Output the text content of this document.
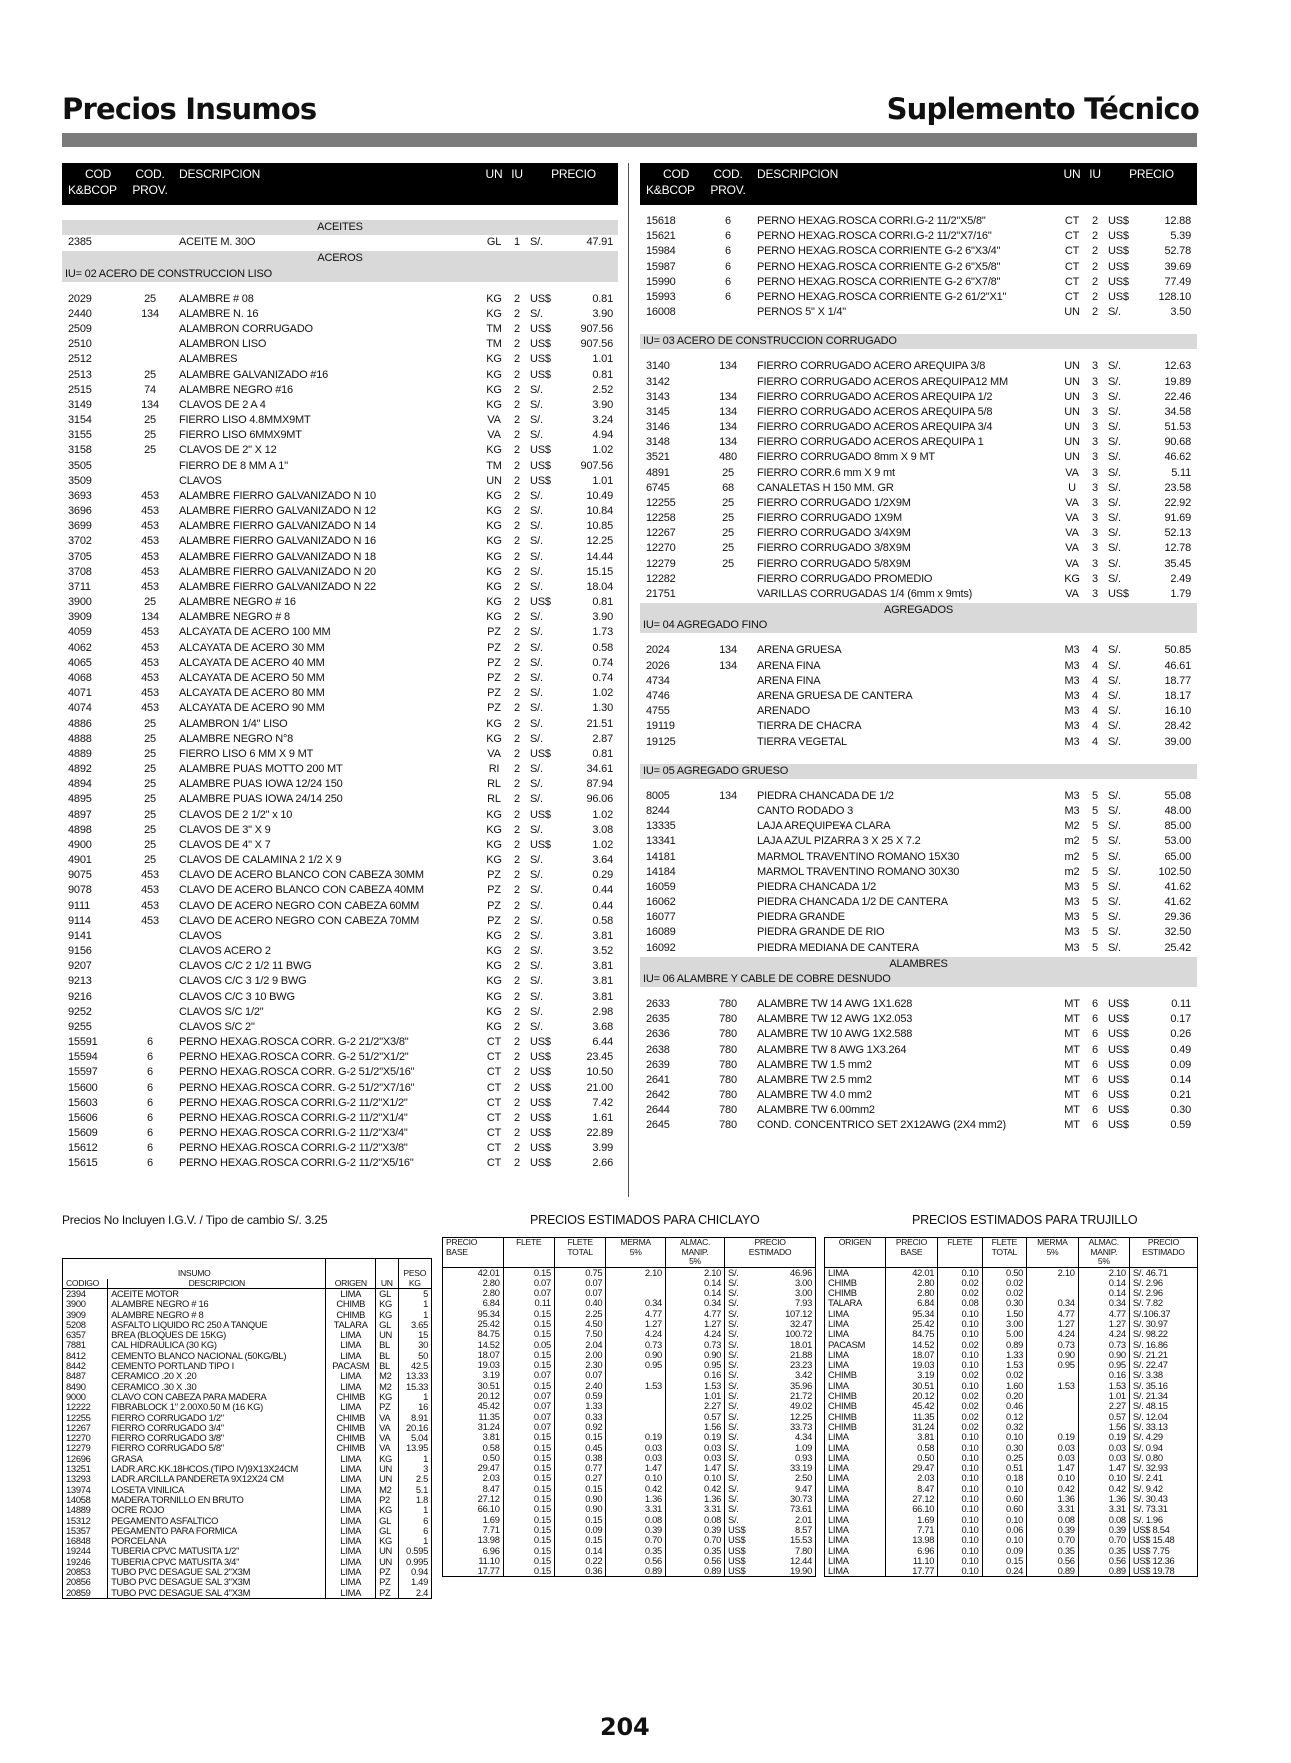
Precios Insumos	Suplemento Técnico
COD
K&BCOP
COD.
PROV.
DESCRIPCION	UN IU	PRECIO
ACEITES
2385	ACEITE M. 30O	GL	1 S/.	47.91
ACEROS
IU= 02 ACERO DE CONSTRUCCION LISO
2029	25	ALAMBRE # 08	KG	2 US$	0.81
2440	134	ALAMBRE N. 16	KG	2 S/.	3.90
2509	ALAMBRON CORRUGADO	TM	2 US$	907.56
2510	ALAMBRON LISO	TM	2 US$	907.56
2512	ALAMBRES	KG	2 US$	1.01
2513	25	ALAMBRE GALVANIZADO #16	KG	2 US$	0.81
2515	74	ALAMBRE NEGRO #16	KG	2 S/.	2.52
3149	134	CLAVOS DE 2 A 4	KG	2 S/.	3.90
3154	25	FIERRO LISO 4.8MMX9MT	VA	2 S/.	3.24
3155	25	FIERRO LISO 6MMX9MT	VA	2 S/.	4.94
3158	25	CLAVOS DE 2" X 12	KG	2 US$	1.02
3505	FIERRO DE 8 MM A 1"	TM	2 US$	907.56
3509	CLAVOS	UN	2 US$	1.01
3693	453	ALAMBRE FIERRO GALVANIZADO N 10	KG	2 S/.	10.49
3696	453	ALAMBRE FIERRO GALVANIZADO N 12	KG	2 S/.	10.84
3699	453	ALAMBRE FIERRO GALVANIZADO N 14	KG	2 S/.	10.85
3702	453	ALAMBRE FIERRO GALVANIZADO N 16	KG	2 S/.	12.25
3705	453	ALAMBRE FIERRO GALVANIZADO N 18	KG	2 S/.	14.44
3708	453	ALAMBRE FIERRO GALVANIZADO N 20	KG	2 S/.	15.15
3711	453	ALAMBRE FIERRO GALVANIZADO N 22	KG	2 S/.	18.04
3900	25	ALAMBRE NEGRO # 16	KG	2 US$	0.81
3909	134	ALAMBRE NEGRO # 8	KG	2 S/.	3.90
4059	453	ALCAYATA DE ACERO 100 MM	PZ	2 S/.	1.73
4062	453	ALCAYATA DE ACERO 30 MM	PZ	2 S/.	0.58
4065	453	ALCAYATA DE ACERO 40 MM	PZ	2 S/.	0.74
4068	453	ALCAYATA DE ACERO 50 MM	PZ	2 S/.	0.74
4071	453	ALCAYATA DE ACERO 80 MM	PZ	2 S/.	1.02
4074	453	ALCAYATA DE ACERO 90 MM	PZ	2 S/.	1.30
4886	25	ALAMBRON 1/4" LISO	KG	2 S/.	21.51
4888	25	ALAMBRE NEGRO N°8	KG	2 S/.	2.87
4889	25	FIERRO LISO 6 MM X 9 MT	VA	2 US$	0.81
4892	25	ALAMBRE PUAS MOTTO 200 MT	RI	2 S/.	34.61
4894	25	ALAMBRE PUAS IOWA 12/24 150	RL	2 S/.	87.94
4895	25	ALAMBRE PUAS IOWA 24/14 250	RL	2 S/.	96.06
4897	25	CLAVOS DE 2 1/2" x 10	KG	2 US$	1.02
4898	25	CLAVOS DE 3" X 9	KG	2 S/.	3.08
4900	25	CLAVOS DE 4" X 7	KG	2 US$	1.02
4901	25	CLAVOS DE CALAMINA 2 1/2 X 9	KG	2 S/.	3.64
9075	453	CLAVO DE ACERO BLANCO CON CABEZA 30MM	PZ	2 S/.	0.29
9078	453	CLAVO DE ACERO BLANCO CON CABEZA 40MM	PZ	2 S/.	0.44
9111	453	CLAVO DE ACERO NEGRO CON CABEZA 60MM	PZ	2 S/.	0.44
9114	453	CLAVO DE ACERO NEGRO CON CABEZA 70MM	PZ	2 S/.	0.58
9141	CLAVOS	KG	2 S/.	3.81
9156	CLAVOS ACERO 2	KG	2 S/.	3.52
9207	CLAVOS C/C 2 1/2 11 BWG	KG	2 S/.	3.81
9213	CLAVOS C/C 3 1/2 9 BWG	KG	2 S/.	3.81
9216	CLAVOS C/C 3 10 BWG	KG	2 S/.	3.81
9252	CLAVOS S/C 1/2"	KG	2 S/.	2.98
9255	CLAVOS S/C 2"	KG	2 S/.	3.68
15591	6	PERNO HEXAG.ROSCA CORR. G-2 21/2"X3/8"	CT	2 US$	6.44
15594	6	PERNO HEXAG.ROSCA CORR. G-2 51/2"X1/2"	CT	2 US$	23.45
15597	6	PERNO HEXAG.ROSCA CORR. G-2 51/2"X5/16"	CT	2 US$	10.50
15600	6	PERNO HEXAG.ROSCA CORR. G-2 51/2"X7/16"	CT	2 US$	21.00
15603	6	PERNO HEXAG.ROSCA CORRI.G-2 11/2"X1/2"	CT	2 US$	7.42
15606	6	PERNO HEXAG.ROSCA CORRI.G-2 11/2"X1/4"	CT	2 US$	1.61
15609	6	PERNO HEXAG.ROSCA CORRI.G-2 11/2"X3/4"	CT	2 US$	22.89
15612	6	PERNO HEXAG.ROSCA CORRI.G-2 11/2"X3/8"	CT	2 US$	3.99
15615	6	PERNO HEXAG.ROSCA CORRI.G-2 11/2"X5/16"	CT	2 US$	2.66
COD
K&BCOP
COD.
PROV.
DESCRIPCION	UN IU	PRECIO
15618	6	PERNO HEXAG.ROSCA CORRI.G-2 11/2"X5/8"	CT	2 US$	12.88
15621	6	PERNO HEXAG.ROSCA CORRI.G-2 11/2"X7/16"	CT	2 US$	5.39
15984	6	PERNO HEXAG.ROSCA CORRIENTE G-2 6"X3/4"	CT	2 US$	52.78
15987	6	PERNO HEXAG.ROSCA CORRIENTE G-2 6"X5/8"	CT	2 US$	39.69
15990	6	PERNO HEXAG.ROSCA CORRIENTE G-2 6"X7/8"	CT	2 US$	77.49
15993	6	PERNO HEXAG.ROSCA CORRIENTE G-2 61/2"X1"	CT	2 US$	128.10
16008	PERNOS 5" X 1/4"	UN	2 S/.	3.50
IU= 03 ACERO DE CONSTRUCCION CORRUGADO
3140	134	FIERRO CORRUGADO ACERO AREQUIPA 3/8	UN	3 S/.	12.63
3142	FIERRO CORRUGADO ACEROS AREQUIPA12 MM	UN	3 S/.	19.89
3143	134	FIERRO CORRUGADO ACEROS AREQUIPA 1/2	UN	3 S/.	22.46
3145	134	FIERRO CORRUGADO ACEROS AREQUIPA 5/8	UN	3 S/.	34.58
3146	134	FIERRO CORRUGADO ACEROS AREQUIPA 3/4	UN	3 S/.	51.53
3148	134	FIERRO CORRUGADO ACEROS AREQUIPA 1	UN	3 S/.	90.68
3521	480	FIERRO CORRUGADO 8mm X 9 MT	UN	3 S/.	46.62
4891	25	FIERRO CORR.6 mm X 9 mt	VA	3 S/.	5.11
6745	68	CANALETAS H 150 MM. GR	U	3 S/.	23.58
12255	25	FIERRO CORRUGADO 1/2X9M	VA	3 S/.	22.92
12258	25	FIERRO CORRUGADO 1X9M	VA	3 S/.	91.69
12267	25	FIERRO CORRUGADO 3/4X9M	VA	3 S/.	52.13
12270	25	FIERRO CORRUGADO 3/8X9M	VA	3 S/.	12.78
12279	25	FIERRO CORRUGADO 5/8X9M	VA	3 S/.	35.45
12282	FIERRO CORRUGADO PROMEDIO	KG	3 S/.	2.49
21751	VARILLAS CORRUGADAS 1/4 (6mm x 9mts)	VA	3 US$	1.79
AGREGADOS
IU= 04 AGREGADO FINO
2024	134	ARENA GRUESA	M3	4 S/.	50.85
2026	134	ARENA FINA	M3	4 S/.	46.61
4734	ARENA FINA	M3	4 S/.	18.77
4746	ARENA GRUESA DE CANTERA	M3	4 S/.	18.17
4755	ARENADO	M3	4 S/.	16.10
19119	TIERRA DE CHACRA	M3	4 S/.	28.42
19125	TIERRA VEGETAL	M3	4 S/.	39.00
IU= 05 AGREGADO GRUESO
8005	134	PIEDRA CHANCADA DE 1/2	M3	5 S/.	55.08
8244	CANTO RODADO 3	M3	5 S/.	48.00
13335	LAJA AREQUIPE¥A CLARA	M2	5 S/.	85.00
13341	LAJA AZUL PIZARRA 3 X 25 X 7.2	m2	5 S/.	53.00
14181	MARMOL TRAVENTINO ROMANO 15X30	m2	5 S/.	65.00
14184	MARMOL TRAVENTINO ROMANO 30X30	m2	5 S/.	102.50
16059	PIEDRA CHANCADA 1/2	M3	5 S/.	41.62
16062	PIEDRA CHANCADA 1/2 DE CANTERA	M3	5 S/.	41.62
16077	PIEDRA GRANDE	M3	5 S/.	29.36
16089	PIEDRA GRANDE DE RIO	M3	5 S/.	32.50
16092	PIEDRA MEDIANA DE CANTERA	M3	5 S/.	25.42
ALAMBRES
IU= 06 ALAMBRE Y CABLE DE COBRE DESNUDO
2633	780	ALAMBRE TW 14 AWG 1X1.628	MT	6 US$	0.11
2635	780	ALAMBRE TW 12 AWG 1X2.053	MT	6 US$	0.17
2636	780	ALAMBRE TW 10 AWG 1X2.588	MT	6 US$	0.26
2638	780	ALAMBRE TW 8 AWG 1X3.264	MT	6 US$	0.49
2639	780	ALAMBRE TW 1.5 mm2	MT	6 US$	0.09
2641	780	ALAMBRE TW 2.5 mm2	MT	6 US$	0.14
2642	780	ALAMBRE TW 4.0 mm2	MT	6 US$	0.21
2644	780	ALAMBRE TW 6.00mm2	MT	6 US$	0.30
2645	780	COND. CONCENTRICO SET 2X12AWG (2X4 mm2)	MT	6 US$	0.59
Precios No Incluyen I.G.V. / Tipo de cambio S/. 3.25	PRECIOS ESTIMADOS PARA CHICLAYO	PRECIOS ESTIMADOS PARA TRUJILLO
INSUMO				PESO
CODIGO	DESCRIPCION	ORIGEN	UN	KG
2394	ACEITE MOTOR	LIMA	GL	5
3900	ALAMBRE NEGRO # 16	CHIMB	KG	1
3909	ALAMBRE NEGRO # 8	CHIMB	KG	1
5208	ASFALTO LIQUIDO RC 250 A TANQUE	TALARA	GL	3.65
6357	BREA (BLOQUES DE 15KG)	LIMA	UN	15
7881	CAL HIDRAULICA (30 KG)	LIMA	BL	30
8412	CEMENTO BLANCO NACIONAL (50KG/BL)	LIMA	BL	50
8442	CEMENTO PORTLAND TIPO I	PACASM	BL	42.5
8487	CERAMICO .20 X .20	LIMA	M2	13.33
8490	CERAMICO .30 X .30	LIMA	M2	15.33
9000	CLAVO CON CABEZA PARA MADERA	CHIMB	KG	1
12222	FIBRABLOCK 1" 2.00X0.50 M (16 KG)	LIMA	PZ	16
12255	FIERRO CORRUGADO 1/2"	CHIMB	VA	8.91
12267	FIERRO CORRUGADO 3/4"	CHIMB	VA	20.16
12270	FIERRO CORRUGADO 3/8"	CHIMB	VA	5.04
12279	FIERRO CORRUGADO 5/8"	CHIMB	VA	13.95
12696	GRASA	LIMA	KG	1
13251	LADR.ARC.KK.18HCOS.(TIPO IV)9X13X24CM	LIMA	UN	3
13293	LADR.ARCILLA PANDERETA 9X12X24 CM	LIMA	UN	2.5
13974	LOSETA VINILICA	LIMA	M2	5.1
14058	MADERA TORNILLO EN BRUTO	LIMA	P2	1.8
14889	OCRE ROJO	LIMA	KG	1
15312	PEGAMENTO ASFALTICO	LIMA	GL	6
15357	PEGAMENTO PARA FORMICA	LIMA	GL	6
16848	PORCELANA	LIMA	KG	1
19244	TUBERIA CPVC MATUSITA 1/2"	LIMA	UN	0.595
19246	TUBERIA CPVC MATUSITA 3/4"	LIMA	UN	0.995
20853	TUBO PVC DESAGUE SAL 2"X3M	LIMA	PZ	0.94
20856	TUBO PVC DESAGUE SAL 3"X3M	LIMA	PZ	1.49
20859	TUBO PVC DESAGUE SAL 4"X3M	LIMA	PZ	2.4
PRECIO
BASE	FLETE	FLETE
TOTAL	MERMA
5%	ALMAC.
MANIP.
5%	PRECIO
ESTIMADO	
42.01	0.15	0.75	2.10	2.10	S/.	46.96
2.80	0.07	0.07		0.14	S/.	3.00
2.80	0.07	0.07		0.14	S/.	3.00
6.84	0.11	0.40	0.34	0.34	S/.	7.93
95.34	0.15	2.25	4.77	4.77	S/.	107.12
25.42	0.15	4.50	1.27	1.27	S/.	32.47
84.75	0.15	7.50	4.24	4.24	S/.	100.72
14.52	0.05	2.04	0.73	0.73	S/.	18.01
18.07	0.15	2.00	0.90	0.90	S/.	21.88
19.03	0.15	2.30	0.95	0.95	S/.	23.23
3.19	0.07	0.07		0.16	S/.	3.42
30.51	0.15	2.40	1.53	1.53	S/.	35.96
20.12	0.07	0.59		1.01	S/.	21.72
45.42	0.07	1.33		2.27	S/.	49.02
11.35	0.07	0.33		0.57	S/.	12.25
31.24	0.07	0.92		1.56	S/.	33.73
3.81	0.15	0.15	0.19	0.19	S/.	4.34
0.58	0.15	0.45	0.03	0.03	S/.	1.09
0.50	0.15	0.38	0.03	0.03	S/.	0.93
29.47	0.15	0.77	1.47	1.47	S/.	33.19
2.03	0.15	0.27	0.10	0.10	S/.	2.50
8.47	0.15	0.15	0.42	0.42	S/.	9.47
27.12	0.15	0.90	1.36	1.36	S/.	30.73
66.10	0.15	0.90	3.31	3.31	S/.	73.61
1.69	0.15	0.15	0.08	0.08	S/.	2.01
7.71	0.15	0.09	0.39	0.39	US$	8.57
13.98	0.15	0.15	0.70	0.70	US$	15.53
6.96	0.15	0.14	0.35	0.35	US$	7.80
11.10	0.15	0.22	0.56	0.56	US$	12.44
17.77	0.15	0.36	0.89	0.89	US$	19.90
ORIGEN	PRECIO
BASE	FLETE	FLETE
TOTAL	MERMA
5%	ALMAC.
MANIP.
5%	PRECIO
ESTIMADO
LIMA	42.01	0.10	0.50	2.10	2.10	S/. 46.71
CHIMB	2.80	0.02	0.02		0.14	S/. 2.96
CHIMB	2.80	0.02	0.02		0.14	S/. 2.96
TALARA	6.84	0.08	0.30	0.34	0.34	S/. 7.82
LIMA	95.34	0.10	1.50	4.77	4.77	S/.106.37
LIMA	25.42	0.10	3.00	1.27	1.27	S/. 30.97
LIMA	84.75	0.10	5.00	4.24	4.24	S/. 98.22
PACASM	14.52	0.02	0.89	0.73	0.73	S/. 16.86
LIMA	18.07	0.10	1.33	0.90	0.90	S/. 21.21
LIMA	19.03	0.10	1.53	0.95	0.95	S/. 22.47
CHIMB	3.19	0.02	0.02		0.16	S/. 3.38
LIMA	30.51	0.10	1.60	1.53	1.53	S/. 35.16
CHIMB	20.12	0.02	0.20		1.01	S/. 21.34
CHIMB	45.42	0.02	0.46		2.27	S/. 48.15
CHIMB	11.35	0.02	0.12		0.57	S/. 12.04
CHIMB	31.24	0.02	0.32		1.56	S/. 33.13
LIMA	3.81	0.10	0.10	0.19	0.19	S/. 4.29
LIMA	0.58	0.10	0.30	0.03	0.03	S/. 0.94
LIMA	0.50	0.10	0.25	0.03	0.03	S/. 0.80
LIMA	29.47	0.10	0.51	1.47	1.47	S/. 32.93
LIMA	2.03	0.10	0.18	0.10	0.10	S/. 2.41
LIMA	8.47	0.10	0.10	0.42	0.42	S/. 9.42
LIMA	27.12	0.10	0.60	1.36	1.36	S/. 30.43
LIMA	66.10	0.10	0.60	3.31	3.31	S/. 73.31
LIMA	1.69	0.10	0.10	0.08	0.08	S/. 1.96
LIMA	7.71	0.10	0.06	0.39	0.39	US$ 8.54
LIMA	13.98	0.10	0.10	0.70	0.70	US$ 15.48
LIMA	6.96	0.10	0.09	0.35	0.35	US$ 7.75
LIMA	11.10	0.10	0.15	0.56	0.56	US$ 12.36
LIMA	17.77	0.10	0.24	0.89	0.89	US$ 19.78
204
